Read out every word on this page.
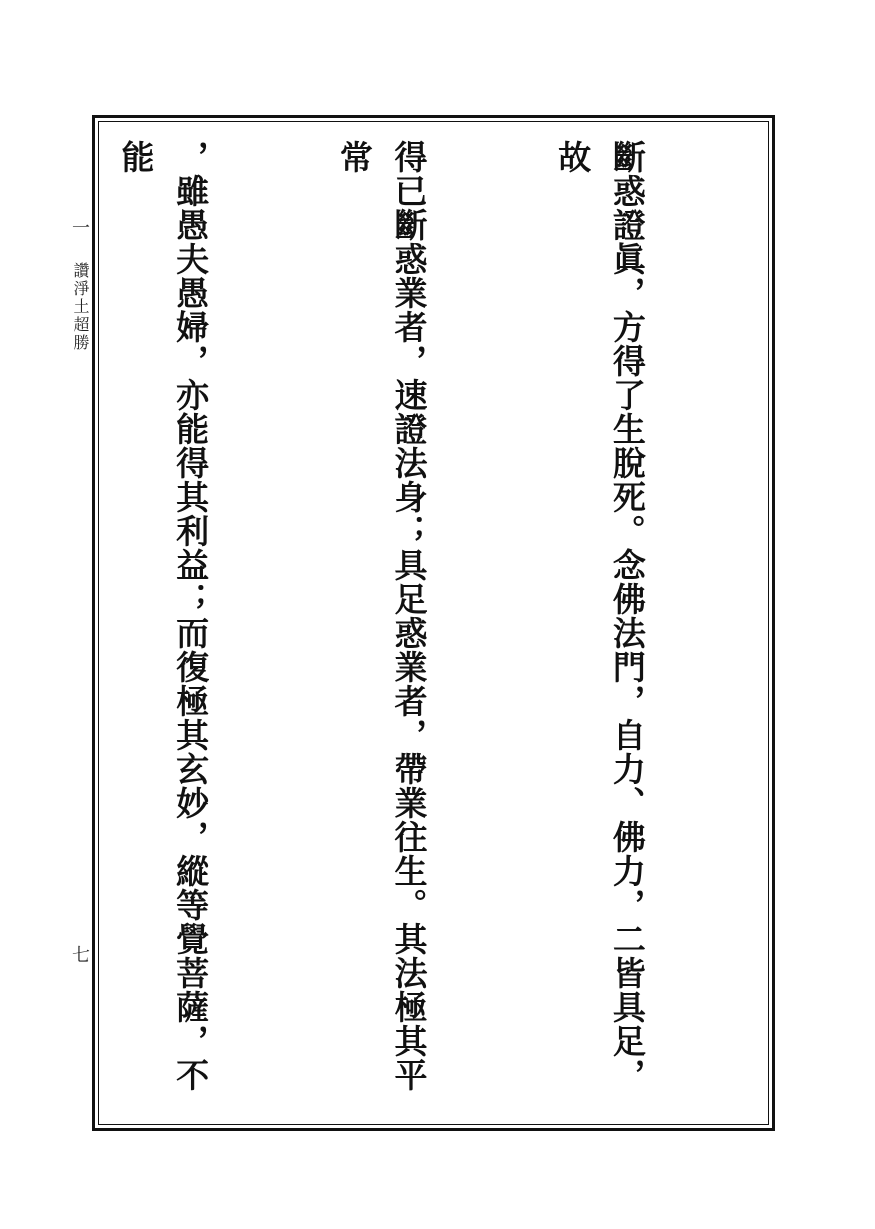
一
讚淨土超勝
七

	斷惑證眞，方得了生脫死。念佛法門，自力、佛力，二皆具足，故

得已斷惑業者，速證法身；具足惑業者，帶業往生。其法極其平常

，雖愚夫愚婦，亦能得其利益；而復極其玄妙，縱等覺菩薩，不能
